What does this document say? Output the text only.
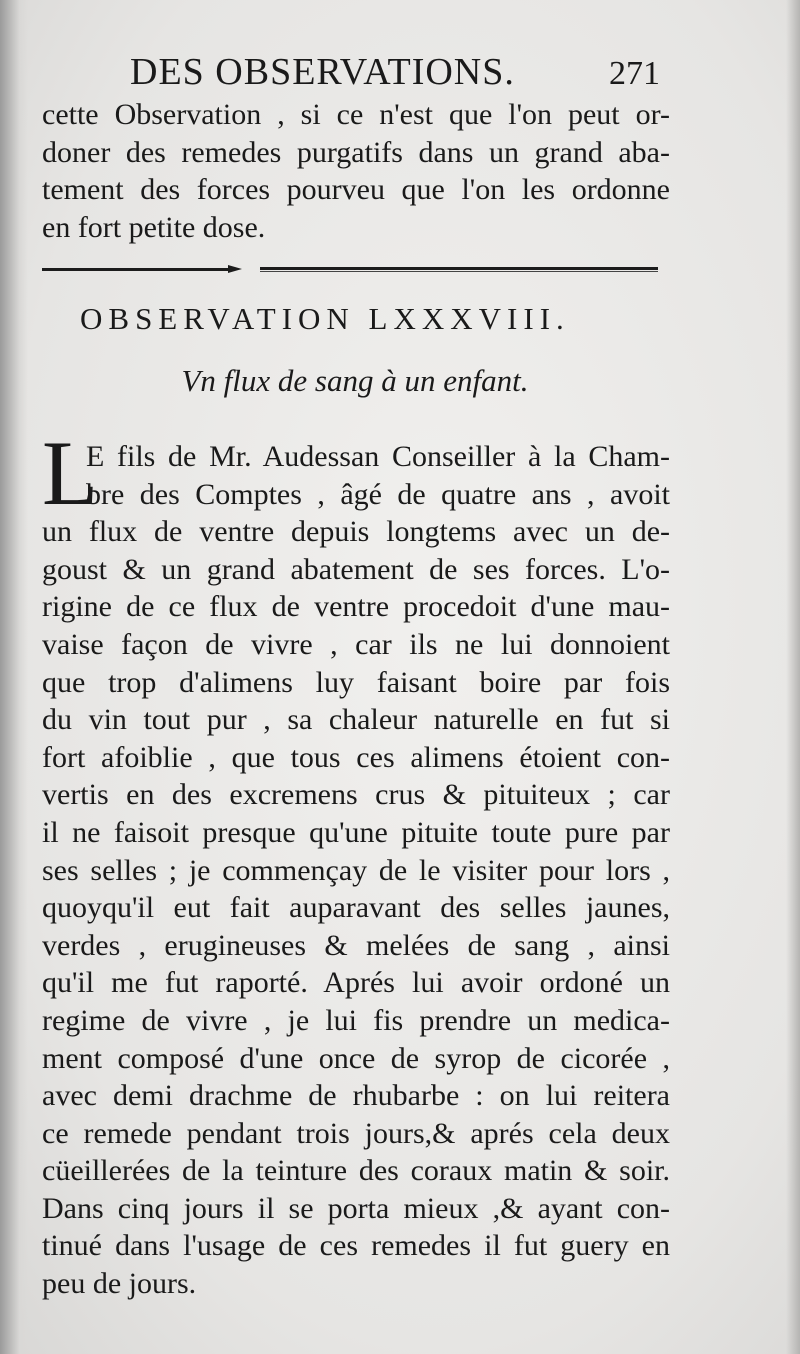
DES OBSERVATIONS.	271
cette Observation , si ce n'est que l'on peut or-
doner des remedes purgatifs dans un grand aba-
tement des forces pourveu que l'on les ordonne
en fort petite dose.
OBSERVATION LXXXVIII.
Vn flux de sang à un enfant.
L
E fils de Mr. Audessan Conseiller à la Cham-
bre des Comptes , âgé de quatre ans , avoit
un flux de ventre depuis longtems avec un de-
goust & un grand abatement de ses forces. L'o-
rigine de ce flux de ventre procedoit d'une mau-
vaise façon de vivre , car ils ne lui donnoient
que trop d'alimens luy faisant boire par fois
du vin tout pur , sa chaleur naturelle en fut si
fort afoiblie , que tous ces alimens étoient con-
vertis en des excremens crus & pituiteux ; car
il ne faisoit presque qu'une pituite toute pure par
ses selles ; je commençay de le visiter pour lors ,
quoyqu'il eut fait auparavant des selles jaunes,
verdes , erugineuses & melées de sang , ainsi
qu'il me fut raporté. Aprés lui avoir ordoné un
regime de vivre , je lui fis prendre un medica-
ment composé d'une once de syrop de cicorée ,
avec demi drachme de rhubarbe : on lui reitera
ce remede pendant trois jours,& aprés cela deux
cüeillerées de la teinture des coraux matin & soir.
Dans cinq jours il se porta mieux ,& ayant con-
tinué dans l'usage de ces remedes il fut guery en
peu de jours.
